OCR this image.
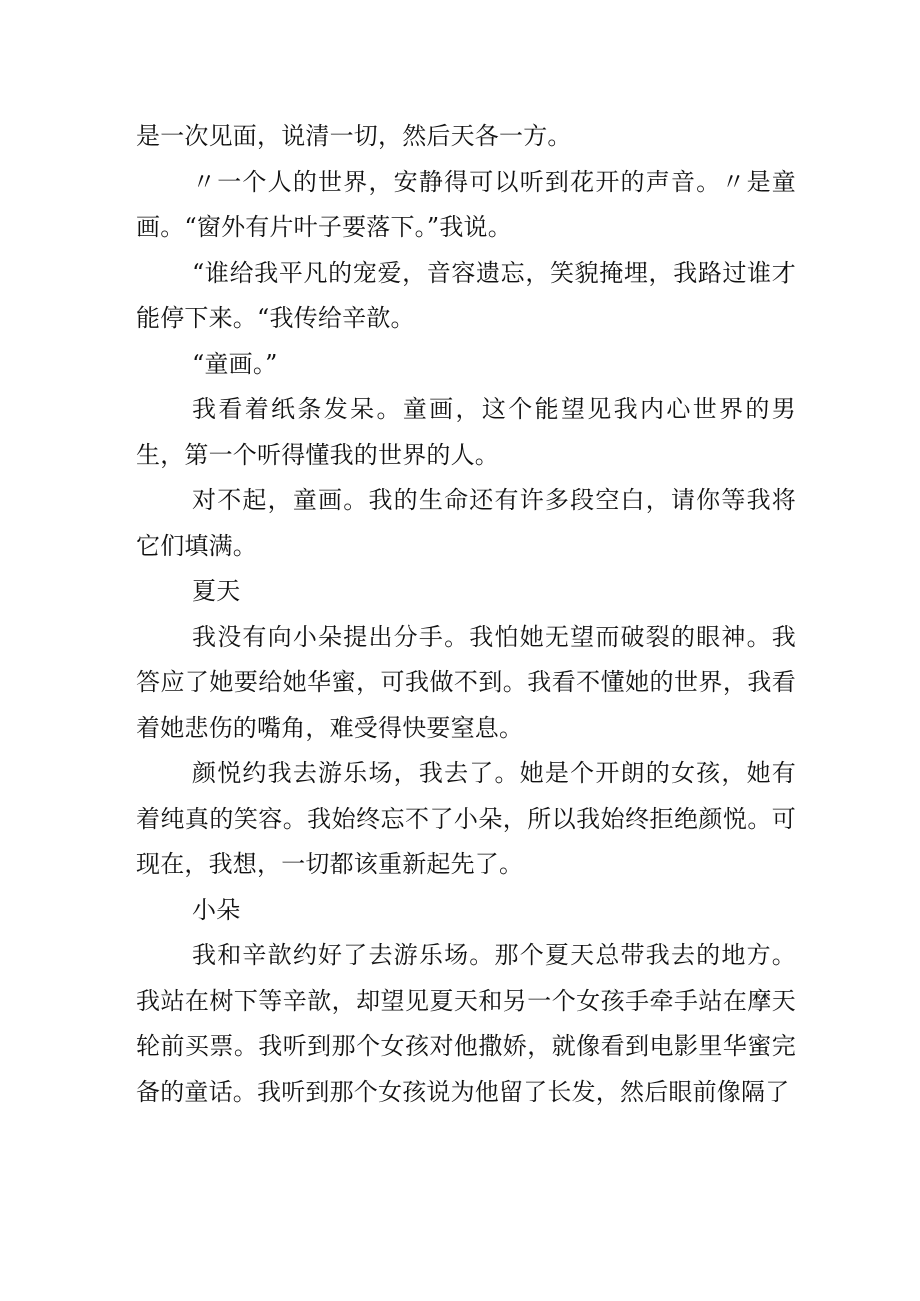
是一次见面，说清一切，然后天各一方。

〃一个人的世界，安静得可以听到花开的声音。〃是童画。“窗外有片叶子要落下。”我说。

“谁给我平凡的宠爱，音容遗忘，笑貌掩埋，我路过谁才能停下来。“我传给辛歆。

“童画。”

我看着纸条发呆。童画，这个能望见我内心世界的男生，第一个听得懂我的世界的人。

对不起，童画。我的生命还有许多段空白，请你等我将它们填满。

夏天

我没有向小朵提出分手。我怕她无望而破裂的眼神。我答应了她要给她华蜜，可我做不到。我看不懂她的世界，我看着她悲伤的嘴角，难受得快要窒息。

颜悦约我去游乐场，我去了。她是个开朗的女孩，她有着纯真的笑容。我始终忘不了小朵，所以我始终拒绝颜悦。可现在，我想，一切都该重新起先了。

小朵

我和辛歆约好了去游乐场。那个夏天总带我去的地方。我站在树下等辛歆，却望见夏天和另一个女孩手牵手站在摩天轮前买票。我听到那个女孩对他撒娇，就像看到电影里华蜜完备的童话。我听到那个女孩说为他留了长发，然后眼前像隔了
